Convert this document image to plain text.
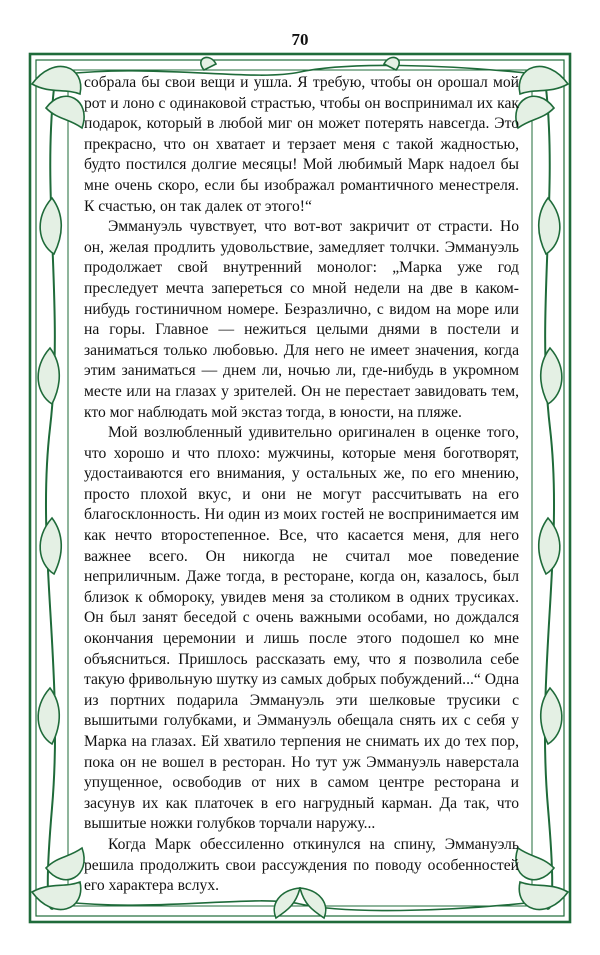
70

собрала бы свои вещи и ушла. Я требую, чтобы он орошал мой рот и лоно с одинаковой страстью, чтобы он воспринимал их как подарок, который в любой миг он может потерять навсегда. Это прекрасно, что он хватает и терзает меня с такой жадностью, будто постился долгие месяцы! Мой любимый Марк надоел бы мне очень скоро, если бы изображал романтичного менестреля. К счастью, он так далек от этого!“

Эммануэль чувствует, что вот-вот закричит от страсти. Но он, желая продлить удовольствие, замедляет толчки. Эммануэль продолжает свой внутренний монолог: „Марка уже год преследует мечта запереться со мной недели на две в каком-нибудь гостиничном номере. Безразлично, с видом на море или на горы. Главное — нежиться целыми днями в постели и заниматься только любовью. Для него не имеет значения, когда этим заниматься — днем ли, ночью ли, где-нибудь в укромном месте или на глазах у зрителей. Он не перестает завидовать тем, кто мог наблюдать мой экстаз тогда, в юности, на пляже.

Мой возлюбленный удивительно оригинален в оценке того, что хорошо и что плохо: мужчины, которые меня боготворят, удостаиваются его внимания, у остальных же, по его мнению, просто плохой вкус, и они не могут рассчитывать на его благосклонность. Ни один из моих гостей не воспринимается им как нечто второстепенное. Все, что касается меня, для него важнее всего. Он никогда не считал мое поведение неприличным. Даже тогда, в ресторане, когда он, казалось, был близок к обмороку, увидев меня за столиком в одних трусиках. Он был занят беседой с очень важными особами, но дождался окончания церемонии и лишь после этого подошел ко мне объясниться. Пришлось рассказать ему, что я позволила себе такую фривольную шутку из самых добрых побуждений...“ Одна из портних подарила Эммануэль эти шелковые трусики с вышитыми голубками, и Эммануэль обещала снять их с себя у Марка на глазах. Ей хватило терпения не снимать их до тех пор, пока он не вошел в ресторан. Но тут уж Эммануэль наверстала упущенное, освободив от них в самом центре ресторана и засунув их как платочек в его нагрудный карман. Да так, что вышитые ножки голубков торчали наружу...

Когда Марк обессиленно откинулся на спину, Эммануэль решила продолжить свои рассуждения по поводу особенностей его характера вслух.
